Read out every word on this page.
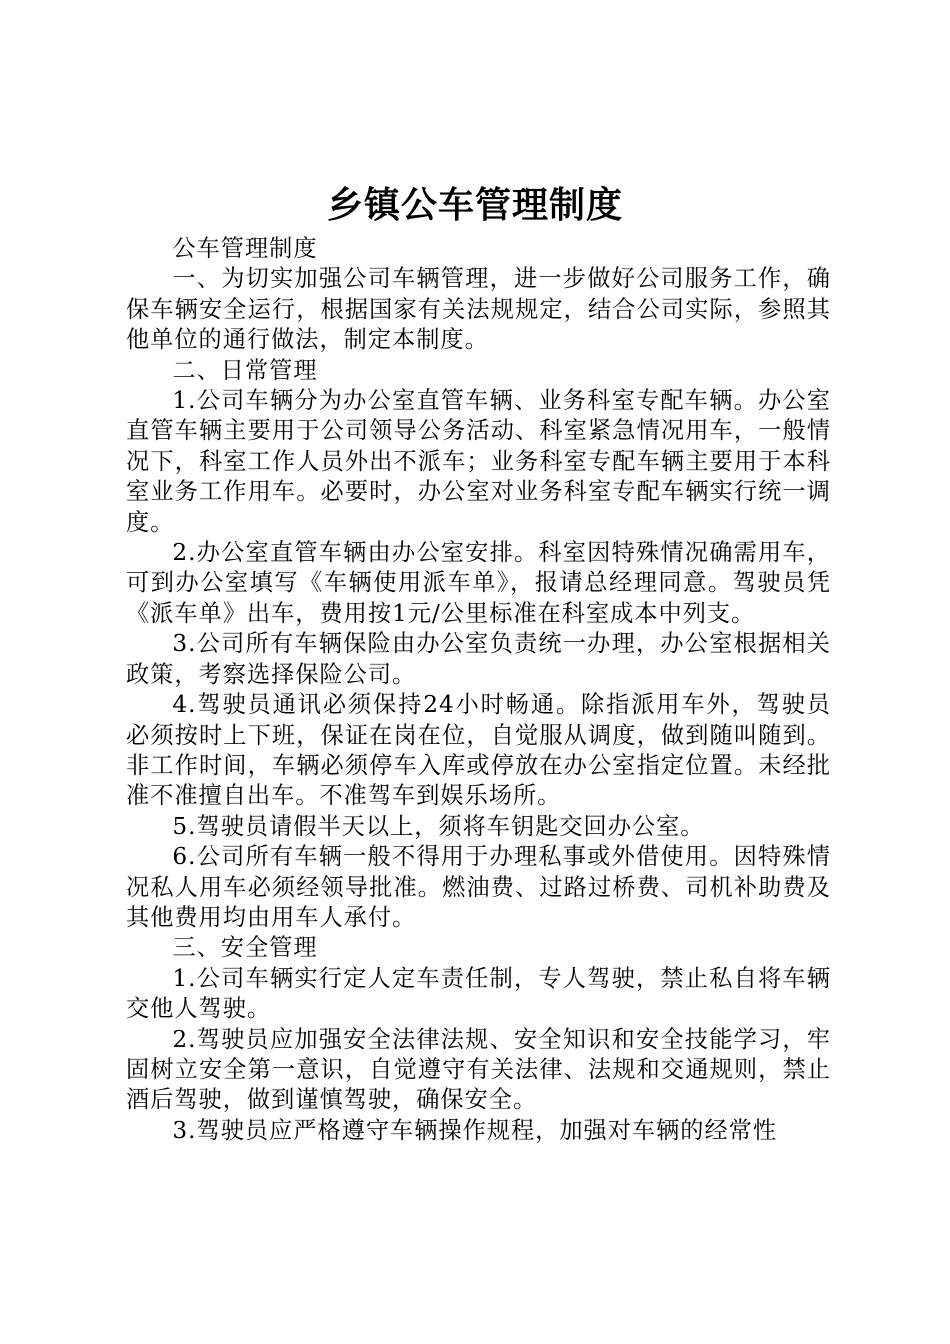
乡镇公车管理制度

公车管理制度

一、为切实加强公司车辆管理，进一步做好公司服务工作，确保车辆安全运行，根据国家有关法规规定，结合公司实际，参照其他单位的通行做法，制定本制度。

二、日常管理

1.公司车辆分为办公室直管车辆、业务科室专配车辆。办公室直管车辆主要用于公司领导公务活动、科室紧急情况用车，一般情况下，科室工作人员外出不派车；业务科室专配车辆主要用于本科室业务工作用车。必要时，办公室对业务科室专配车辆实行统一调度。

2.办公室直管车辆由办公室安排。科室因特殊情况确需用车，可到办公室填写《车辆使用派车单》，报请总经理同意。驾驶员凭《派车单》出车，费用按1元/公里标准在科室成本中列支。

3.公司所有车辆保险由办公室负责统一办理，办公室根据相关政策，考察选择保险公司。

4.驾驶员通讯必须保持24小时畅通。除指派用车外，驾驶员必须按时上下班，保证在岗在位，自觉服从调度，做到随叫随到。非工作时间，车辆必须停车入库或停放在办公室指定位置。未经批准不准擅自出车。不准驾车到娱乐场所。

5.驾驶员请假半天以上，须将车钥匙交回办公室。

6.公司所有车辆一般不得用于办理私事或外借使用。因特殊情况私人用车必须经领导批准。燃油费、过路过桥费、司机补助费及其他费用均由用车人承付。

三、安全管理

1.公司车辆实行定人定车责任制，专人驾驶，禁止私自将车辆交他人驾驶。

2.驾驶员应加强安全法律法规、安全知识和安全技能学习，牢固树立安全第一意识，自觉遵守有关法律、法规和交通规则，禁止酒后驾驶，做到谨慎驾驶，确保安全。

3.驾驶员应严格遵守车辆操作规程，加强对车辆的经常性
